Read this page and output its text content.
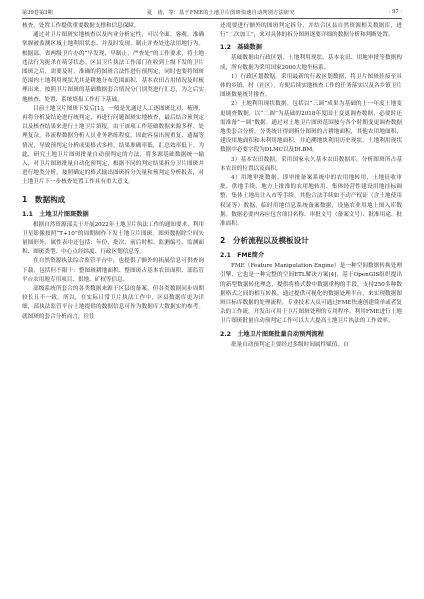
第39卷第3期	夏　涛，等：基于FME的土地卫片图斑快速自动判别方法研究	· 97 ·

核查，处置工作提供重要数据支撑和信息保障。

通过对卫片图斑实地核查以及内业分析定性，可以全面、客观、准确掌握被监测区域土地利用状态、并及时发现、制止并查处违法用地行为。根据部、省两级卫片办的“早发现、早制止、严查处”的工作要求，将土地违法行为扼杀在萌芽状态。区县卫片执法工作部门在收到上级下发的卫片图斑之后，需要及时、准确的将图斑合法性进行预判定，同时也要将图斑范围内土地利用现状尤其是耕地分布范围面积、基本农田占用情况及时梳理出来，按照卫片图斑的基础数据套合情况分门别类进行汇总，为之后实地核查、处置、系统填报工作打下基础。

目前土地卫片图斑下发后[1]，一般是先通过人工逐图斑比对、梳理，再将分析及结论进行统判定，再进行问题图斑实地核查，最后结合预判定以及核查结果来进行土地卫片填报。由于该项工作基础数据来源多样、处理复杂，各流程数据分析人员业务熟练程度，因此容易出现重复、遗漏等情况，导致预判定分析成果格式多样，结果准确率低，汇总效率低下。为此，研究土地卫片图斑批量自动预判定的方法，将多源基础数据统一输入，对卫片图斑批量自动化预判定，根据不同的判定结果拆分卫片图斑并进行地类分析，按照确定的格式输出图斑拆分矢量和预判定分析报表，对土地卫片下一步核查处置工作具有重大意义。

1　数据构成
1.1　土地卫片图斑数据

根据自然资源部关于开展2022年土地卫片执法工作的通知要求，利用卫星影像按照“T+10”的周期制作下发土地卫片图斑。图斑数据除空间矢量图形外，属性表中还包括：年份、批次、前后时相、监测编号、监测面积、图斑类型、中心点经纬度、行政区划信息等。

在自然资源执法综合监管平台中，也提供了额外的拓展信息可供查询下载，包括但不限于：整图斑耕地面积、整图斑占基本农田面积、部监管平台农用地专用项目、供地、矿权等信息。

部级系统所套合的各类数据来源于区县的备案，但各类数据同步周期较长且不一致。所以，在实际日常卫片执法工作中，区县数据库更为详细，部执法监管平台土地提供的数据信息可作为数据库大数据实的参考。就图斑的套合分析而言，往往

还需要进行额外的图斑判定拆分，并结合区县自然资源相关数据库，进行“二次加工”，来对具体的拆分图斑逐要详细的数据分析和判断处置。

1.2　基础数据

基础数据由行政区划、土地利用现状、基本农田、用地审批等数据构成，所有数据为采用国家2000大地坐标系。

1）行政区划数据。采用最新的行政区划数据，将卫片图斑挂接至具体的乡镇、村（社区），方便后续实地核查工作的任务落实以及各乡镇卫片图斑数量统计排查。

2）土地利用现状数据。包括以“三调”成果为基础的上一年度土地变更调查数据，以“二调”为基础的2018年度国土变更调查数据，必要时还需准备“一调”数据。通过对土地卫片图斑范围按与各个时期变更调查数据地类套合分析，分类统计得到拆分图斑的占耕地面积，其他农用地面积，建设用地面积和未利用地面积，并追溯地块利用历史现状。土地利用现状数据中必要字段为DLMC以及DLBM。

3）基本农田数据。采用国家永久基本农田数据库，分析图斑所占基本农田的位置以及面积。

4）用地审批数据。即审批备案系统中的农用地转用、土地征收审批、供地手续、地方上批准的农用地转用、集体经营性建设用地挂标调整、集体土地出让入市等手续，其他合法手续如不动产权证（含土地使用权证等）数据，临时用地信息系统备案数据，设施农业用地上图入库数据。数据必要内容应包含项目名称、审批文号（备案文号）、批准用途、批准面积。

2　分析流程以及模板设计
2.1　FME简介

FME（Feature Manipulation Engine）是一种空间数据转换处理引擎，它也是一种完整的空间ETL解决方案[4]，基于OpenGIS组织提出的新型数据转化理念，提供将格式数中数据重构的手段，支持250多种数据格式之间的相互转换。通过提供可视化的数据处理平台，来实现数据图斑目标库数据的处理流程。专业技术人员可通过FME快速创建简单或者复杂的工作流，开发出可用于卫片图斑处理的专用程序。利用FME进行土地卫片图斑批量自动预判定工作可以大大提高土地卫片执法的工作效率。

2.2　土地卫片图斑批量自动预判流程

批量自动预判定主要经过多级时间属性赋值、自
